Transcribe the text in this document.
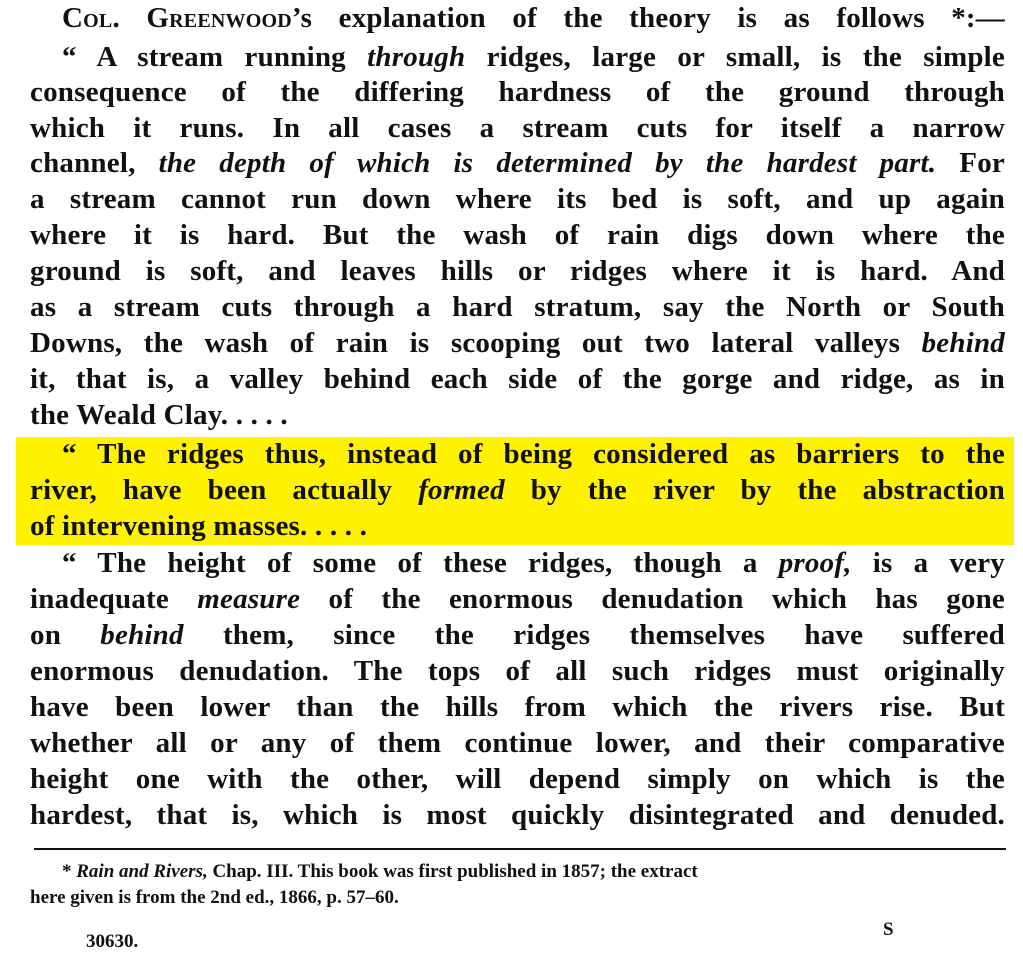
Col. Greenwood’s explanation of the theory is as follows *:—
“ A stream running through ridges, large or small, is the simple
consequence of the differing hardness of the ground through
which it runs. In all cases a stream cuts for itself a narrow
channel, the depth of which is determined by the hardest part. For
a stream cannot run down where its bed is soft, and up again
where it is hard. But the wash of rain digs down where the
ground is soft, and leaves hills or ridges where it is hard. And
as a stream cuts through a hard stratum, say the North or South
Downs, the wash of rain is scooping out two lateral valleys behind
it, that is, a valley behind each side of the gorge and ridge, as in
the Weald Clay. . . . .
“ The ridges thus, instead of being considered as barriers to the
river, have been actually formed by the river by the abstraction
of intervening masses. . . . .
“ The height of some of these ridges, though a proof, is a very
inadequate measure of the enormous denudation which has gone
on behind them, since the ridges themselves have suffered
enormous denudation. The tops of all such ridges must originally
have been lower than the hills from which the rivers rise. But
whether all or any of them continue lower, and their comparative
height one with the other, will depend simply on which is the
hardest, that is, which is most quickly disintegrated and denuded.
* Rain and Rivers, Chap. III. This book was first published in 1857; the extract
here given is from the 2nd ed., 1866, p. 57–60.
30630.
S
